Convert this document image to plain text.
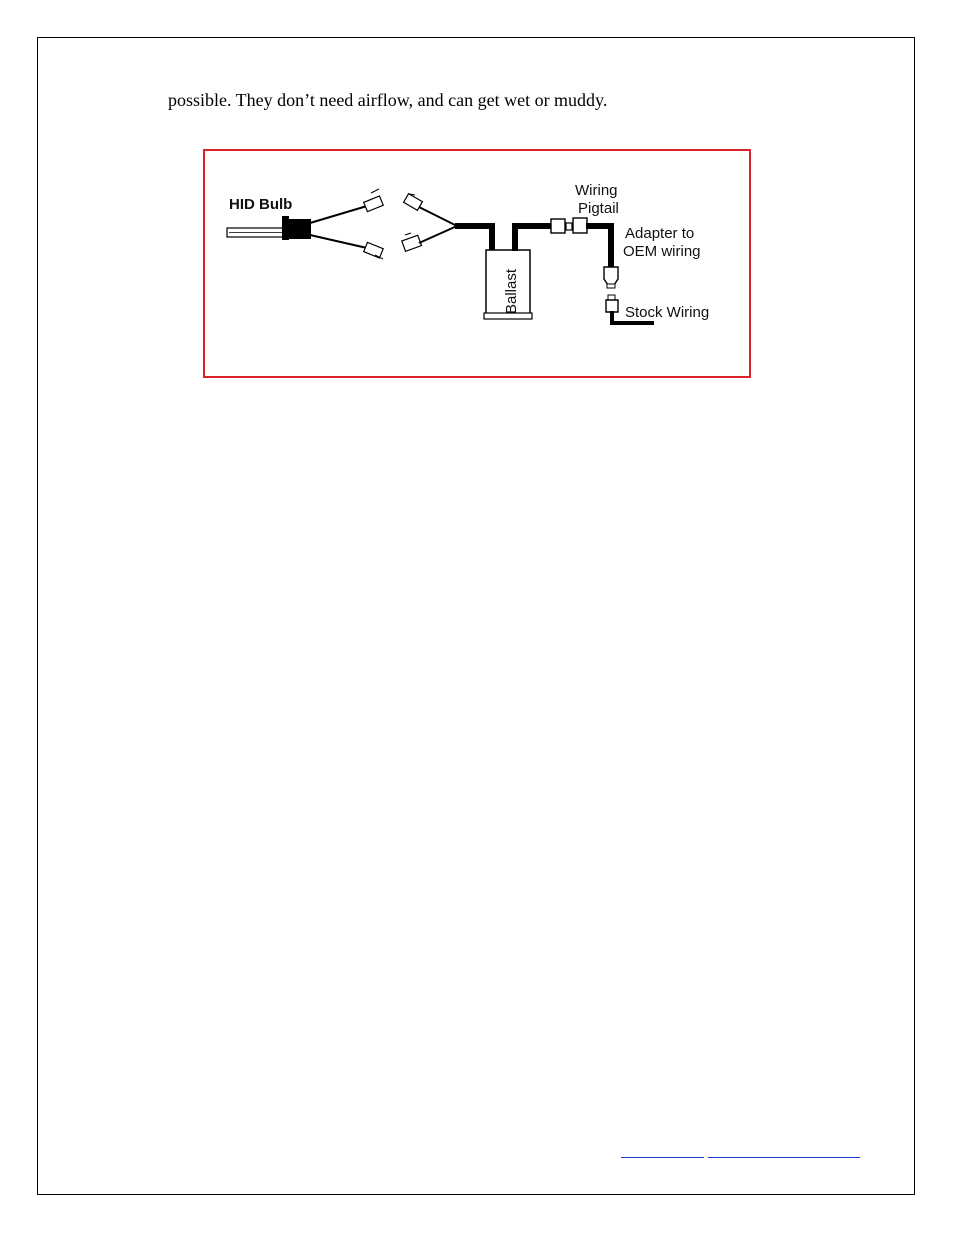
possible. They don’t need airflow, and can get wet or muddy.
Ballast
HID Bulb
Wiring
Pigtail
Adapter to
OEM wiring
Stock Wiring
